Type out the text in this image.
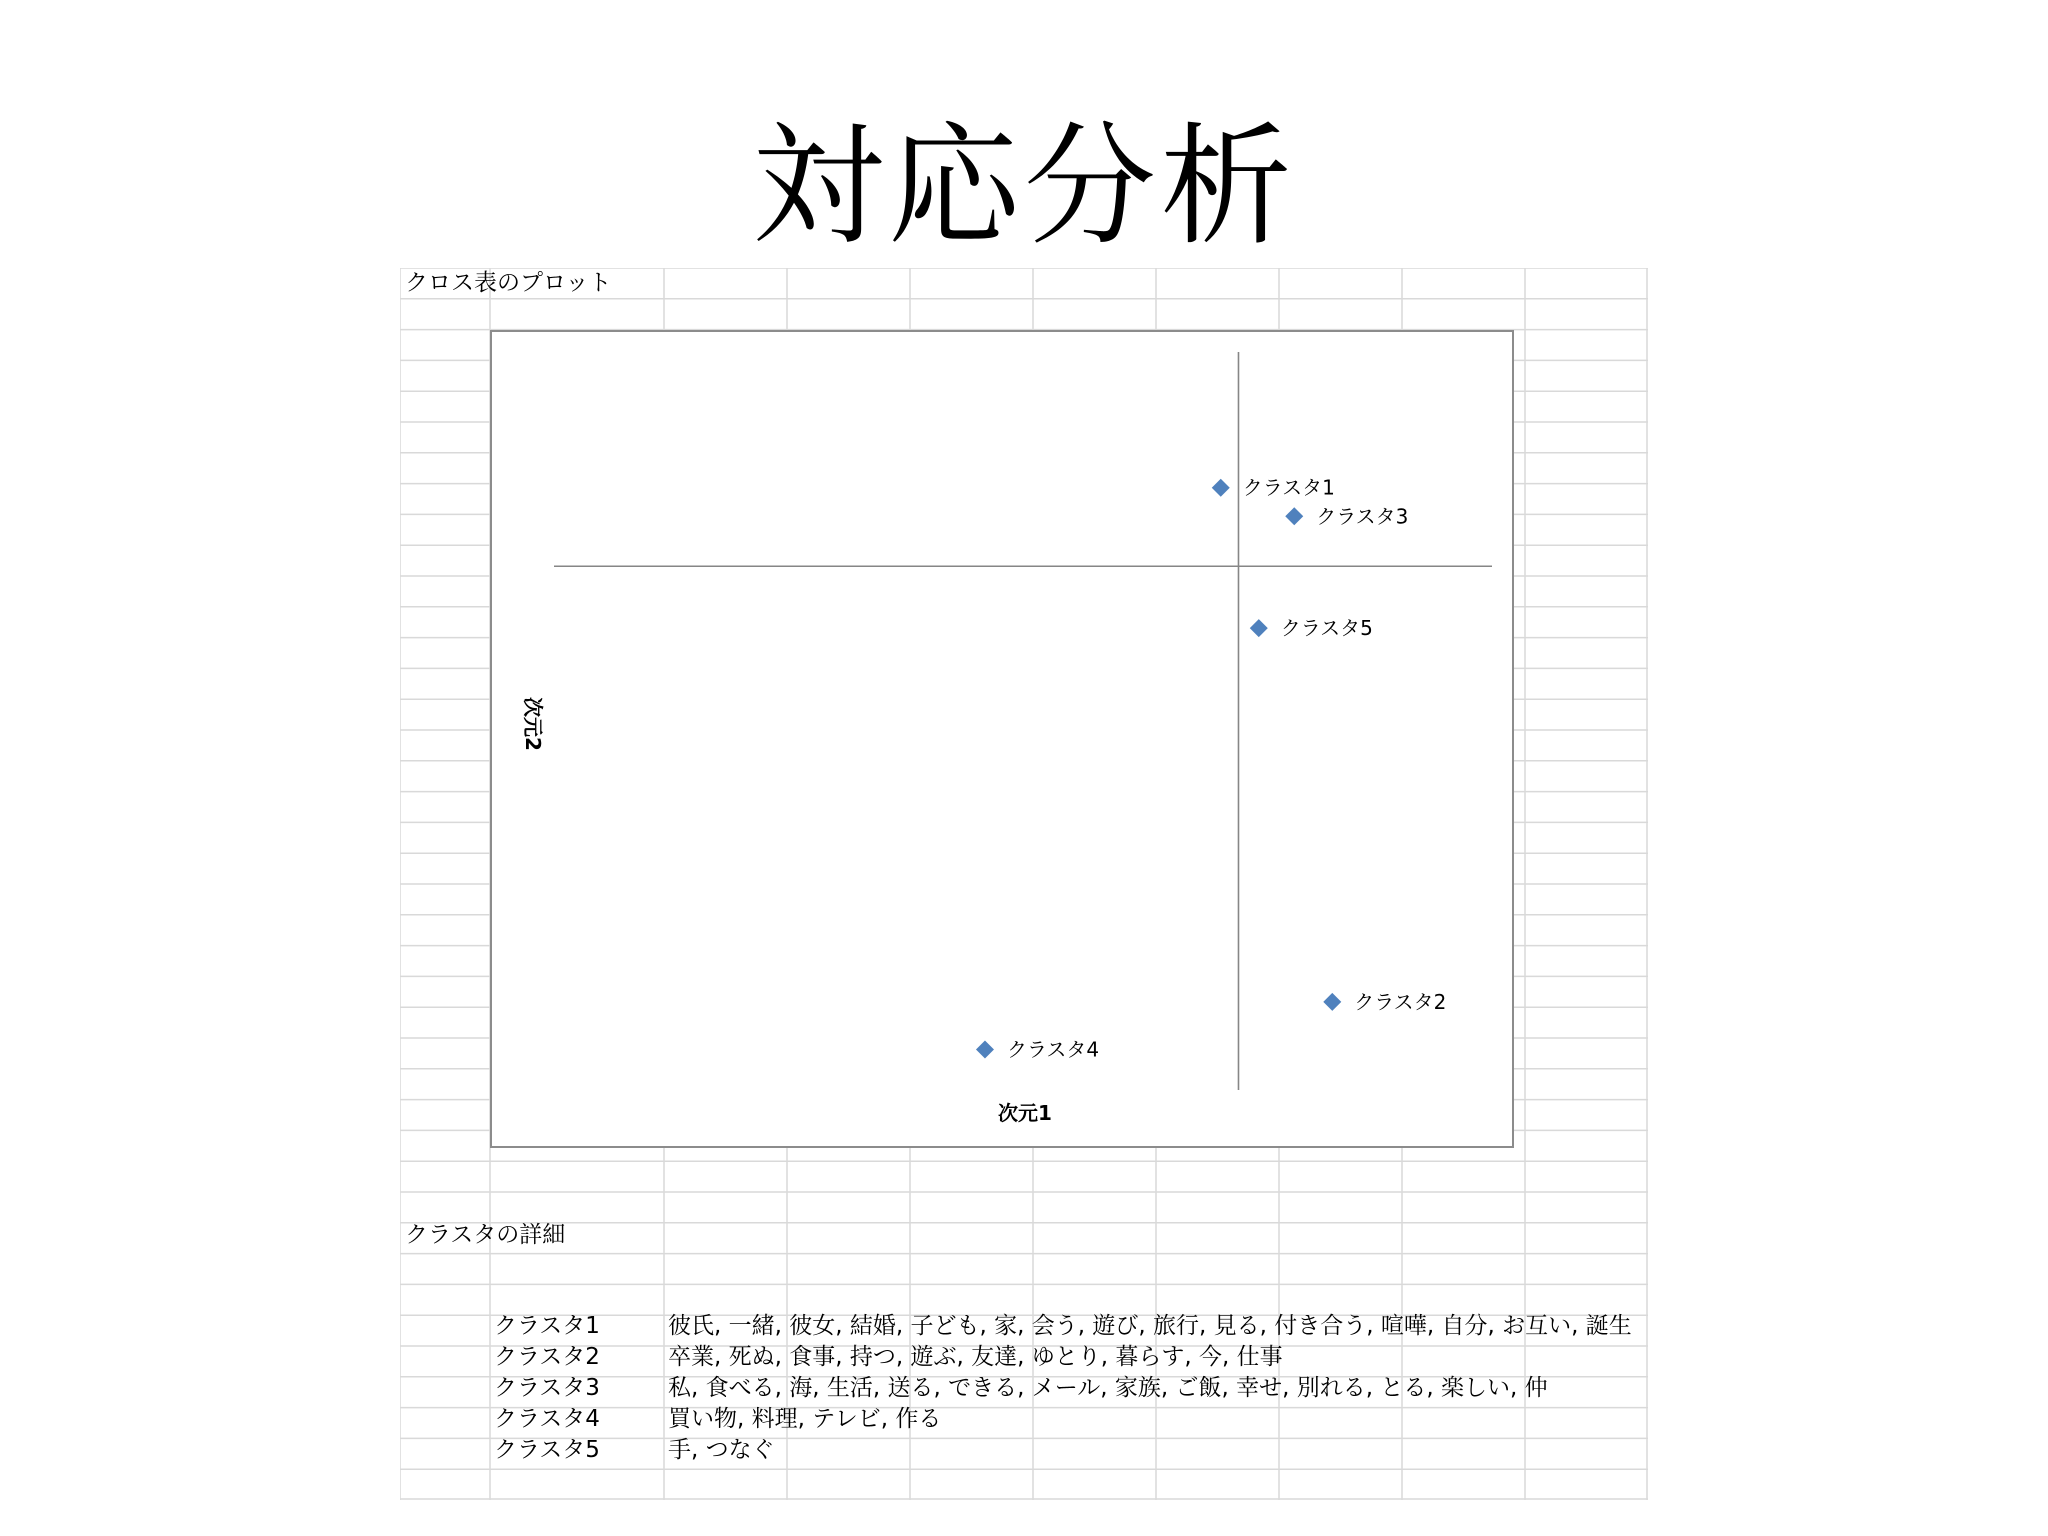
対応分析
クロス表のプロット
クラスタの詳細
クラスタ1	彼氏, 一緒, 彼女, 結婚, 子ども, 家, 会う, 遊び, 旅行, 見る, 付き合う, 喧嘩, 自分, お互い, 誕生
クラスタ2	卒業, 死ぬ, 食事, 持つ, 遊ぶ, 友達, ゆとり, 暮らす, 今, 仕事
クラスタ3	私, 食べる, 海, 生活, 送る, できる, メール, 家族, ご飯, 幸せ, 別れる, とる, 楽しい, 仲
クラスタ4	買い物, 料理, テレビ, 作る
クラスタ5	手, つなぐ
クラスタ1
クラスタ3
クラスタ5
クラスタ2
クラスタ4
次元1
次元2
